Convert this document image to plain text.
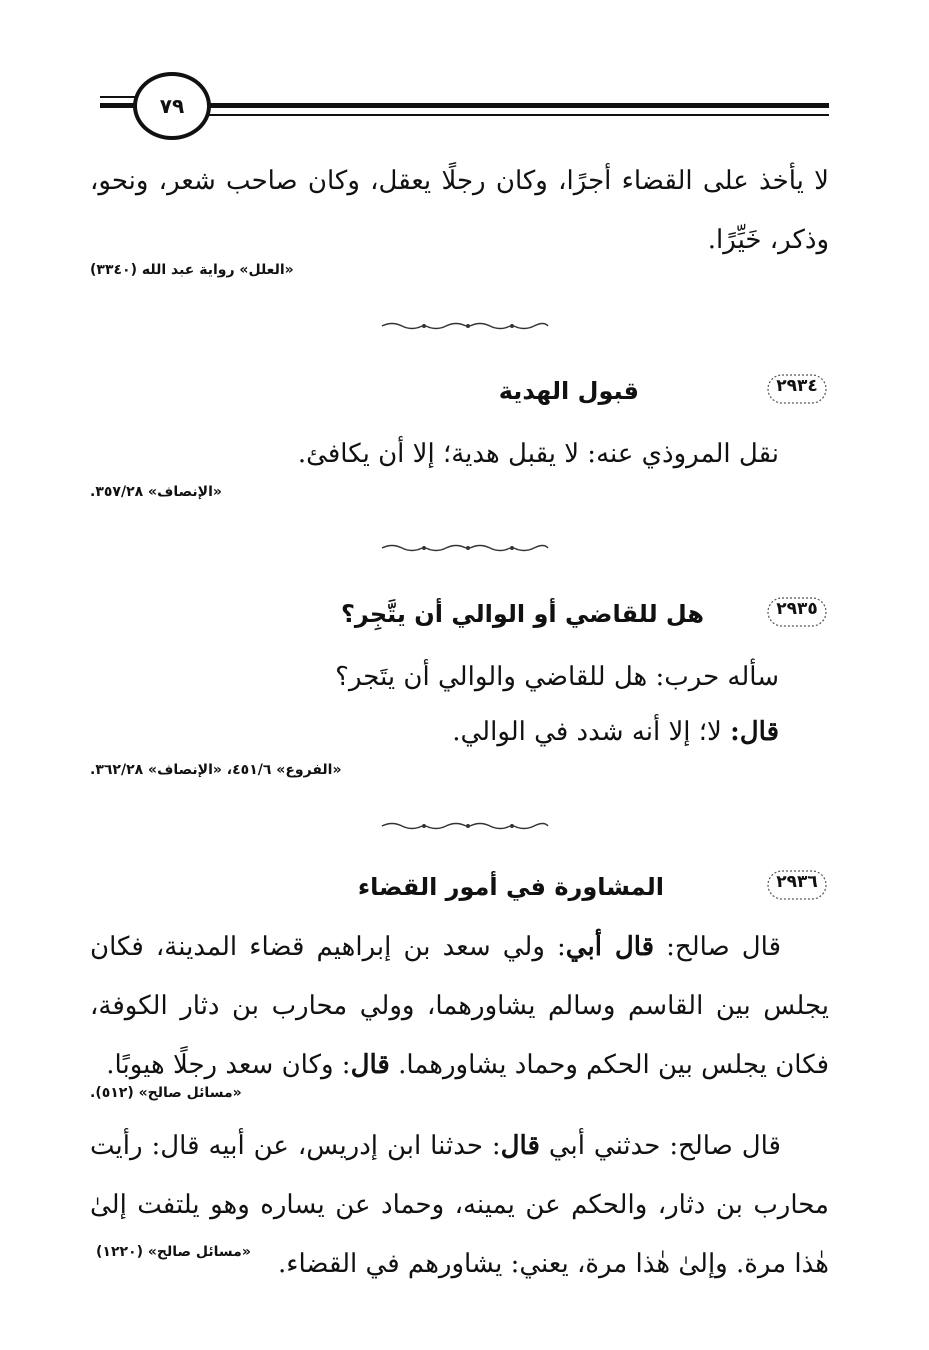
٧٩
لا يأخذ على القضاء أجرًا، وكان رجلًا يعقل، وكان صاحب شعر، ونحو، وذكر، خَيِّرًا.
«العلل» رواية عبد الله (٣٣٤٠)
٢٩٣٤
قبول الهدية
نقل المروذي عنه: لا يقبل هدية؛ إلا أن يكافئ.
«الإنصاف» ٣٥٧/٢٨.
٢٩٣٥
هل للقاضي أو الوالي أن يتَّجِر؟
سأله حرب: هل للقاضي والوالي أن يتَجر؟
قال: لا؛ إلا أنه شدد في الوالي.
«الفروع» ٤٥١/٦، «الإنصاف» ٣٦٢/٢٨.
٢٩٣٦
المشاورة في أمور القضاء
قال صالح: قال أبي: ولي سعد بن إبراهيم قضاء المدينة، فكان يجلس بين القاسم وسالم يشاورهما، وولي محارب بن دثار الكوفة، فكان يجلس بين الحكم وحماد يشاورهما. قال: وكان سعد رجلًا هيوبًا.
«مسائل صالح» (٥١٢).
قال صالح: حدثني أبي قال: حدثنا ابن إدريس، عن أبيه قال: رأيت محارب بن دثار، والحكم عن يمينه، وحماد عن يساره وهو يلتفت إلىٰ هٰذا مرة. وإلىٰ هٰذا مرة، يعني: يشاورهم في القضاء.
«مسائل صالح» (١٢٢٠)
